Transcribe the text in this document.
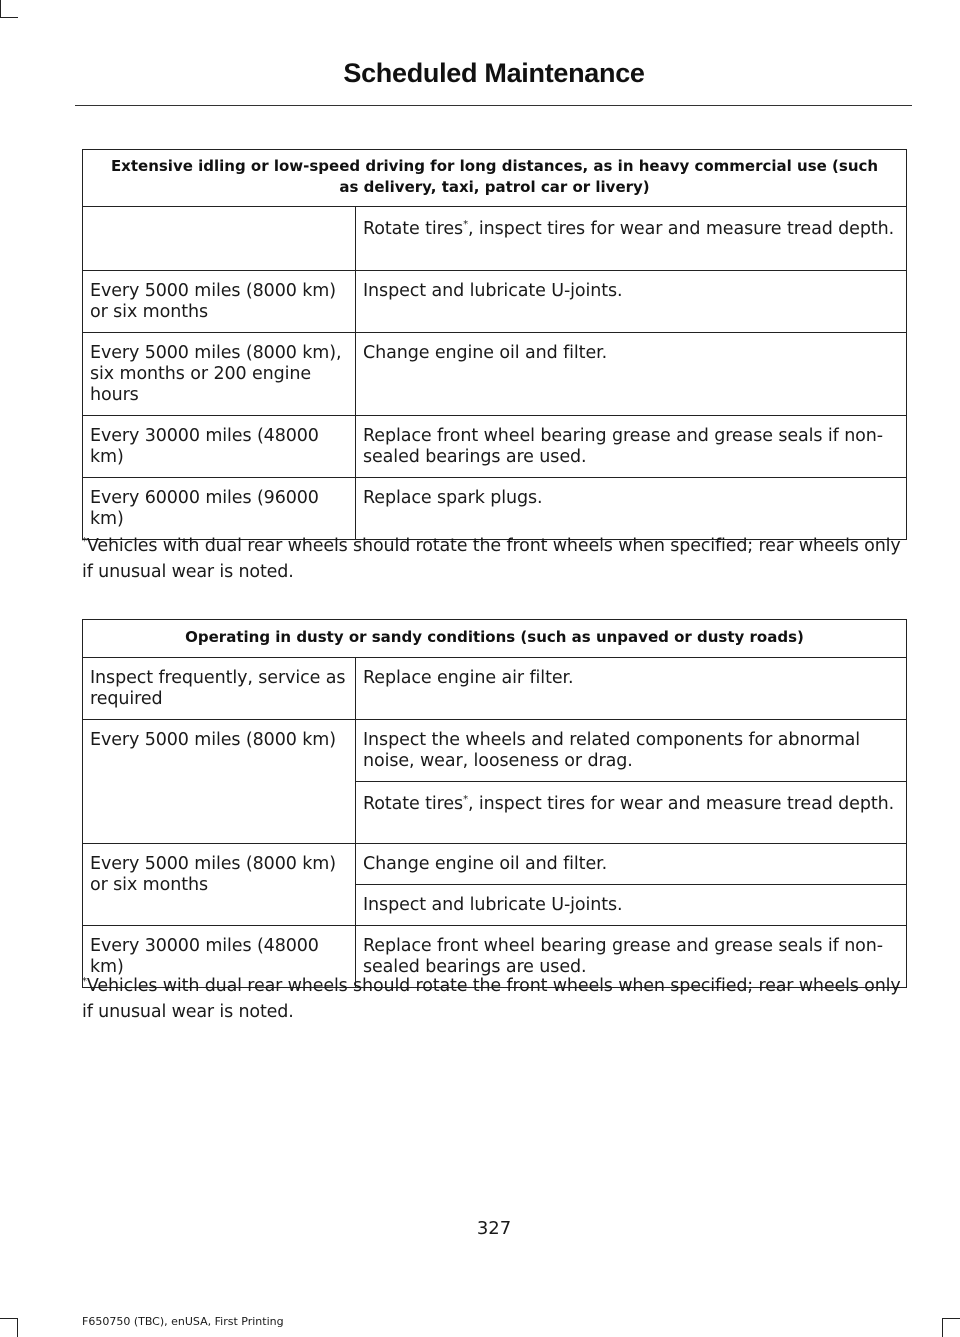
Scheduled Maintenance
Extensive idling or low-speed driving for long distances, as in heavy commercial use (such as delivery, taxi, patrol car or livery)	
	Rotate tires*, inspect tires for wear and measure tread depth.
Every 5000 miles (8000 km) or six months	Inspect and lubricate U-joints.
Every 5000 miles (8000 km), six months or 200 engine hours	Change engine oil and filter.
Every 30000 miles (48000 km)	Replace front wheel bearing grease and grease seals if non-sealed bearings are used.
Every 60000 miles (96000 km)	Replace spark plugs.
*Vehicles with dual rear wheels should rotate the front wheels when specified; rear wheels only if unusual wear is noted.
Operating in dusty or sandy conditions (such as unpaved or dusty roads)	
Inspect frequently, service as required	Replace engine air filter.
Every 5000 miles (8000 km)	Inspect the wheels and related components for abnormal noise, wear, looseness or drag.
	Rotate tires*, inspect tires for wear and measure tread depth.
Every 5000 miles (8000 km) or six months	Change engine oil and filter.
	Inspect and lubricate U-joints.
Every 30000 miles (48000 km)	Replace front wheel bearing grease and grease seals if non-sealed bearings are used.
*Vehicles with dual rear wheels should rotate the front wheels when specified; rear wheels only if unusual wear is noted.
327
F650750 (TBC), enUSA, First Printing
